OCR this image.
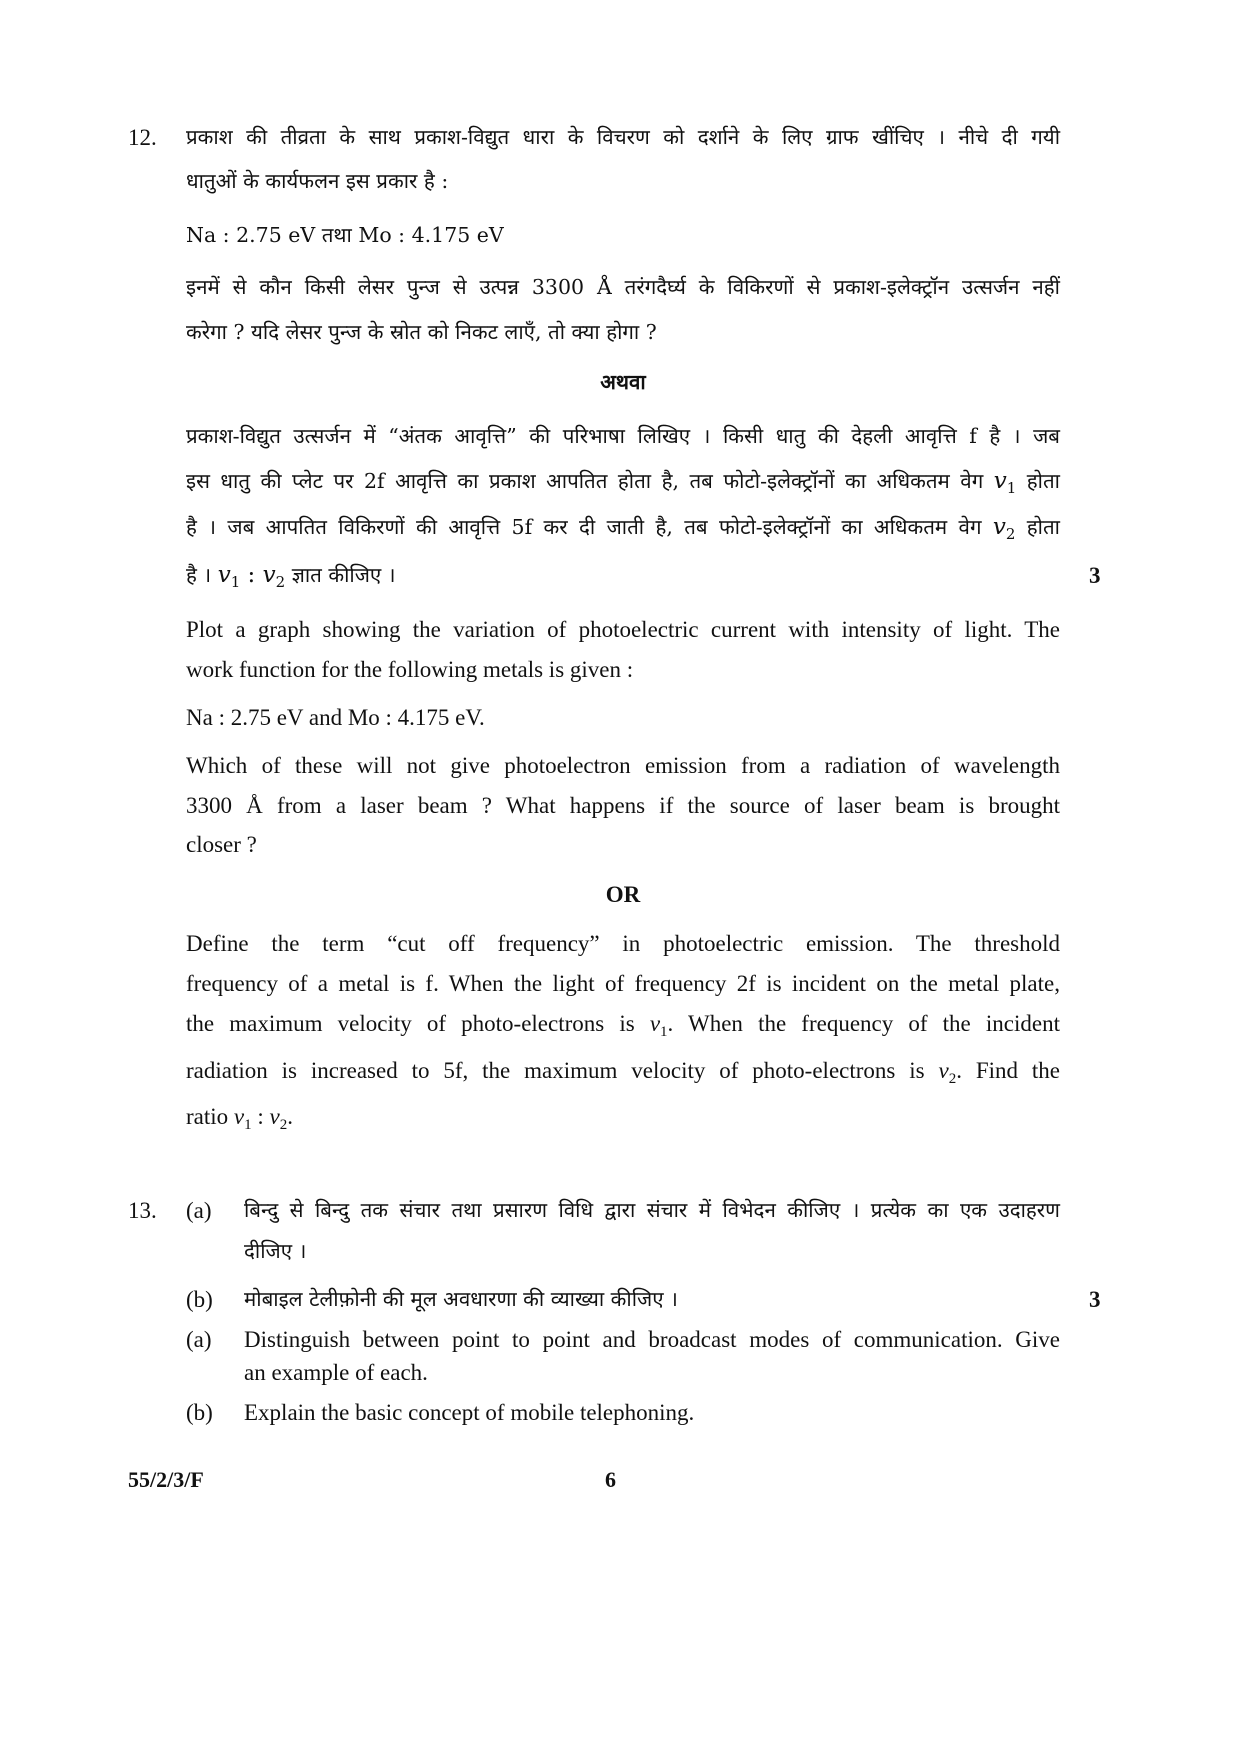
12. प्रकाश की तीव्रता के साथ प्रकाश-विद्युत धारा के विचरण को दर्शाने के लिए ग्राफ खींचिए । नीचे दी गयी
धातुओं के कार्यफलन इस प्रकार है :
Na : 2.75 eV तथा Mo : 4.175 eV
इनमें से कौन किसी लेसर पुन्ज से उत्पन्न 3300 Å तरंगदैर्घ्य के विकिरणों से प्रकाश-इलेक्ट्रॉन उत्सर्जन नहीं
करेगा ? यदि लेसर पुन्ज के स्रोत को निकट लाएँ, तो क्या होगा ?
अथवा
प्रकाश-विद्युत उत्सर्जन में “अंतक आवृत्ति” की परिभाषा लिखिए । किसी धातु की देहली आवृत्ति f है । जब
इस धातु की प्लेट पर 2f आवृत्ति का प्रकाश आपतित होता है, तब फोटो-इलेक्ट्रॉनों का अधिकतम वेग $v_1$ होता
है । जब आपतित विकिरणों की आवृत्ति 5f कर दी जाती है, तब फोटो-इलेक्ट्रॉनों का अधिकतम वेग $v_2$ होता
है । $v_1$ : $v_2$ ज्ञात कीजिए ।	3
Plot a graph showing the variation of photoelectric current with intensity of light. The
work function for the following metals is given :
Na : 2.75 eV and Mo : 4.175 eV.
Which of these will not give photoelectron emission from a radiation of wavelength
3300 Å from a laser beam ? What happens if the source of laser beam is brought
closer ?
OR
Define the term “cut off frequency” in photoelectric emission. The threshold
frequency of a metal is f. When the light of frequency 2f is incident on the metal plate,
the maximum velocity of photo-electrons is $v_1$. When the frequency of the incident
radiation is increased to 5f, the maximum velocity of photo-electrons is $v_2$. Find the
ratio $v_1$ : $v_2$.
13. (a) बिन्दु से बिन्दु तक संचार तथा प्रसारण विधि द्वारा संचार में विभेदन कीजिए । प्रत्येक का एक उदाहरण
दीजिए ।
(b) मोबाइल टेलीफ़ोनी की मूल अवधारणा की व्याख्या कीजिए ।	3
(a) Distinguish between point to point and broadcast modes of communication. Give
an example of each.
(b) Explain the basic concept of mobile telephoning.
55/2/3/F	6
